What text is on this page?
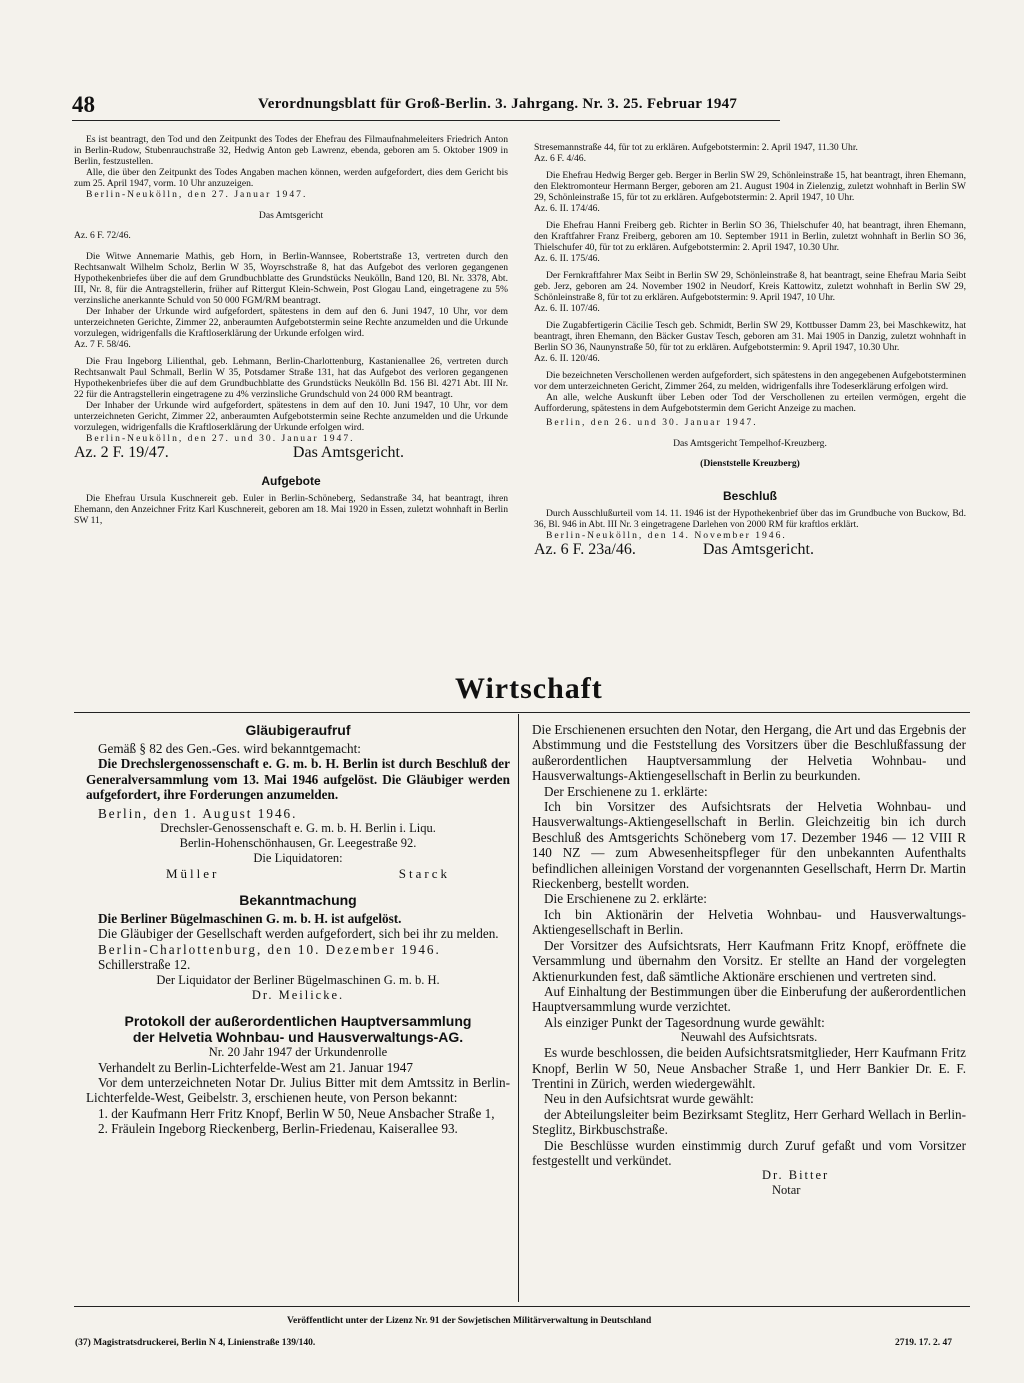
48	Verordnungsblatt für Groß-Berlin. 3. Jahrgang. Nr. 3. 25. Februar 1947

Es ist beantragt, den Tod und den Zeitpunkt des Todes der Ehefrau des Filmaufnahmeleiters Friedrich Anton in Berlin-Rudow, Stubenrauchstraße 32, Hedwig Anton geb Lawrenz, ebenda, geboren am 5. Oktober 1909 in Berlin, festzustellen.

Alle, die über den Zeitpunkt des Todes Angaben machen können, werden aufgefordert, dies dem Gericht bis zum 25. April 1947, vorm. 10 Uhr anzuzeigen.

Berlin-Neukölln, den 27. Januar 1947.

Das Amtsgericht

Az. 6 F. 72/46.

Die Witwe Annemarie Mathis, geb Horn, in Berlin-Wannsee, Robertstraße 13, vertreten durch den Rechtsanwalt Wilhelm Scholz, Berlin W 35, Woyrschstraße 8, hat das Aufgebot des verloren gegangenen Hypothekenbriefes über die auf dem Grundbuchblatte des Grundstücks Neukölln, Band 120, Bl. Nr. 3378, Abt. III, Nr. 8, für die Antragstellerin, früher auf Rittergut Klein-Schwein, Post Glogau Land, eingetragene zu 5% verzinsliche anerkannte Schuld von 50 000 FGM/RM beantragt.

Der Inhaber der Urkunde wird aufgefordert, spätestens in dem auf den 6. Juni 1947, 10 Uhr, vor dem unterzeichneten Gerichte, Zimmer 22, anberaumten Aufgebotstermin seine Rechte anzumelden und die Urkunde vorzulegen, widrigenfalls die Kraftloserklärung der Urkunde erfolgen wird.

Az. 7 F. 58/46.

Die Frau Ingeborg Lilienthal, geb. Lehmann, Berlin-Charlottenburg, Kastanienallee 26, vertreten durch Rechtsanwalt Paul Schmall, Berlin W 35, Potsdamer Straße 131, hat das Aufgebot des verloren gegangenen Hypothekenbriefes über die auf dem Grundbuchblatte des Grundstücks Neukölln Bd. 156 Bl. 4271 Abt. III Nr. 22 für die Antragstellerin eingetragene zu 4% verzinsliche Grundschuld von 24 000 RM beantragt.

Der Inhaber der Urkunde wird aufgefordert, spätestens in dem auf den 10. Juni 1947, 10 Uhr, vor dem unterzeichneten Gericht, Zimmer 22, anberaumten Aufgebotstermin seine Rechte anzumelden und die Urkunde vorzulegen, widrigenfalls die Kraftloserklärung der Urkunde erfolgen wird.

Berlin-Neukölln, den 27. und 30. Januar 1947.

Az. 2 F. 19/47.	Das Amtsgericht.

Aufgebote

Die Ehefrau Ursula Kuschnereit geb. Euler in Berlin-Schöneberg, Sedanstraße 34, hat beantragt, ihren Ehemann, den Anzeichner Fritz Karl Kuschnereit, geboren am 18. Mai 1920 in Essen, zuletzt wohnhaft in Berlin SW 11,

Stresemannstraße 44, für tot zu erklären. Aufgebotstermin: 2. April 1947, 11.30 Uhr.

Az. 6 F. 4/46.

Die Ehefrau Hedwig Berger geb. Berger in Berlin SW 29, Schönleinstraße 15, hat beantragt, ihren Ehemann, den Elektromonteur Hermann Berger, geboren am 21. August 1904 in Zielenzig, zuletzt wohnhaft in Berlin SW 29, Schönleinstraße 15, für tot zu erklären. Aufgebotstermin: 2. April 1947, 10 Uhr.

Az. 6. II. 174/46.

Die Ehefrau Hanni Freiberg geb. Richter in Berlin SO 36, Thielschufer 40, hat beantragt, ihren Ehemann, den Kraftfahrer Franz Freiberg, geboren am 10. September 1911 in Berlin, zuletzt wohnhaft in Berlin SO 36, Thielschufer 40, für tot zu erklären. Aufgebotstermin: 2. April 1947, 10.30 Uhr.

Az. 6. II. 175/46.

Der Fernkraftfahrer Max Seibt in Berlin SW 29, Schönleinstraße 8, hat beantragt, seine Ehefrau Maria Seibt geb. Jerz, geboren am 24. November 1902 in Neudorf, Kreis Kattowitz, zuletzt wohnhaft in Berlin SW 29, Schönleinstraße 8, für tot zu erklären. Aufgebotstermin: 9. April 1947, 10 Uhr.

Az. 6. II. 107/46.

Die Zugabfertigerin Cäcilie Tesch geb. Schmidt, Berlin SW 29, Kottbusser Damm 23, bei Maschkewitz, hat beantragt, ihren Ehemann, den Bäcker Gustav Tesch, geboren am 31. Mai 1905 in Danzig, zuletzt wohnhaft in Berlin SO 36, Naunynstraße 50, für tot zu erklären. Aufgebotstermin: 9. April 1947, 10.30 Uhr.

Az. 6. II. 120/46.

Die bezeichneten Verschollenen werden aufgefordert, sich spätestens in den angegebenen Aufgebotsterminen vor dem unterzeichneten Gericht, Zimmer 264, zu melden, widrigenfalls ihre Todeserklärung erfolgen wird.

An alle, welche Auskunft über Leben oder Tod der Verschollenen zu erteilen vermögen, ergeht die Aufforderung, spätestens in dem Aufgebotstermin dem Gericht Anzeige zu machen.

Berlin, den 26. und 30. Januar 1947.

Das Amtsgericht Tempelhof-Kreuzberg.

(Dienststelle Kreuzberg)

Beschluß

Durch Ausschlußurteil vom 14. 11. 1946 ist der Hypothekenbrief über das im Grundbuche von Buckow, Bd. 36, Bl. 946 in Abt. III Nr. 3 eingetragene Darlehen von 2000 RM für kraftlos erklärt.

Berlin-Neukölln, den 14. November 1946.

Az. 6 F. 23a/46.	Das Amtsgericht.
Wirtschaft

Gläubigeraufruf

Gemäß § 82 des Gen.-Ges. wird bekanntgemacht:

Die Drechslergenossenschaft e. G. m. b. H. Berlin ist durch Beschluß der Generalversammlung vom 13. Mai 1946 aufgelöst. Die Gläubiger werden aufgefordert, ihre Forderungen anzumelden.

Berlin, den 1. August 1946.

Drechsler-Genossenschaft e. G. m. b. H. Berlin i. Liqu.

Berlin-Hohenschönhausen, Gr. Leegestraße 92.

Die Liquidatoren:

Müller	Starck

Bekanntmachung

Die Berliner Bügelmaschinen G. m. b. H. ist aufgelöst.

Die Gläubiger der Gesellschaft werden aufgefordert, sich bei ihr zu melden.

Berlin-Charlottenburg, den 10. Dezember 1946.

Schillerstraße 12.

Der Liquidator der Berliner Bügelmaschinen G. m. b. H.

Dr. Meilicke.

Protokoll der außerordentlichen Hauptversammlung

der Helvetia Wohnbau- und Hausverwaltungs-AG.

Nr. 20 Jahr 1947 der Urkundenrolle

Verhandelt zu Berlin-Lichterfelde-West am 21. Januar 1947

Vor dem unterzeichneten Notar Dr. Julius Bitter mit dem Amtssitz in Berlin-Lichterfelde-West, Geibelstr. 3, erschienen heute, von Person bekannt:

1. der Kaufmann Herr Fritz Knopf, Berlin W 50, Neue Ansbacher Straße 1,
2. Fräulein Ingeborg Rieckenberg, Berlin-Friedenau, Kaiserallee 93.

Die Erschienenen ersuchten den Notar, den Hergang, die Art und das Ergebnis der Abstimmung und die Feststellung des Vorsitzers über die Beschlußfassung der außerordentlichen Hauptversammlung der Helvetia Wohnbau- und Hausverwaltungs-Aktiengesellschaft in Berlin zu beurkunden.

Der Erschienene zu 1. erklärte:

Ich bin Vorsitzer des Aufsichtsrats der Helvetia Wohnbau- und Hausverwaltungs-Aktiengesellschaft in Berlin. Gleichzeitig bin ich durch Beschluß des Amtsgerichts Schöneberg vom 17. Dezember 1946 — 12 VIII R 140 NZ — zum Abwesenheitspfleger für den unbekannten Aufenthalts befindlichen alleinigen Vorstand der vorgenannten Gesellschaft, Herrn Dr. Martin Rieckenberg, bestellt worden.

Die Erschienene zu 2. erklärte:

Ich bin Aktionärin der Helvetia Wohnbau- und Hausverwaltungs-Aktiengesellschaft in Berlin.

Der Vorsitzer des Aufsichtsrats, Herr Kaufmann Fritz Knopf, eröffnete die Versammlung und übernahm den Vorsitz. Er stellte an Hand der vorgelegten Aktienurkunden fest, daß sämtliche Aktionäre erschienen und vertreten sind.

Auf Einhaltung der Bestimmungen über die Einberufung der außerordentlichen Hauptversammlung wurde verzichtet.

Als einziger Punkt der Tagesordnung wurde gewählt:

Neuwahl des Aufsichtsrats.

Es wurde beschlossen, die beiden Aufsichtsratsmitglieder, Herr Kaufmann Fritz Knopf, Berlin W 50, Neue Ansbacher Straße 1, und Herr Bankier Dr. E. F. Trentini in Zürich, werden wiedergewählt.

Neu in den Aufsichtsrat wurde gewählt:

der Abteilungsleiter beim Bezirksamt Steglitz, Herr Gerhard Wellach in Berlin-Steglitz, Birkbuschstraße.

Die Beschlüsse wurden einstimmig durch Zuruf gefaßt und vom Vorsitzer festgestellt und verkündet.

Dr. Bitter

Notar

Veröffentlicht unter der Lizenz Nr. 91 der Sowjetischen Militärverwaltung in Deutschland
(37) Magistratsdruckerei, Berlin N 4, Linienstraße 139/140.	2719. 17. 2. 47
